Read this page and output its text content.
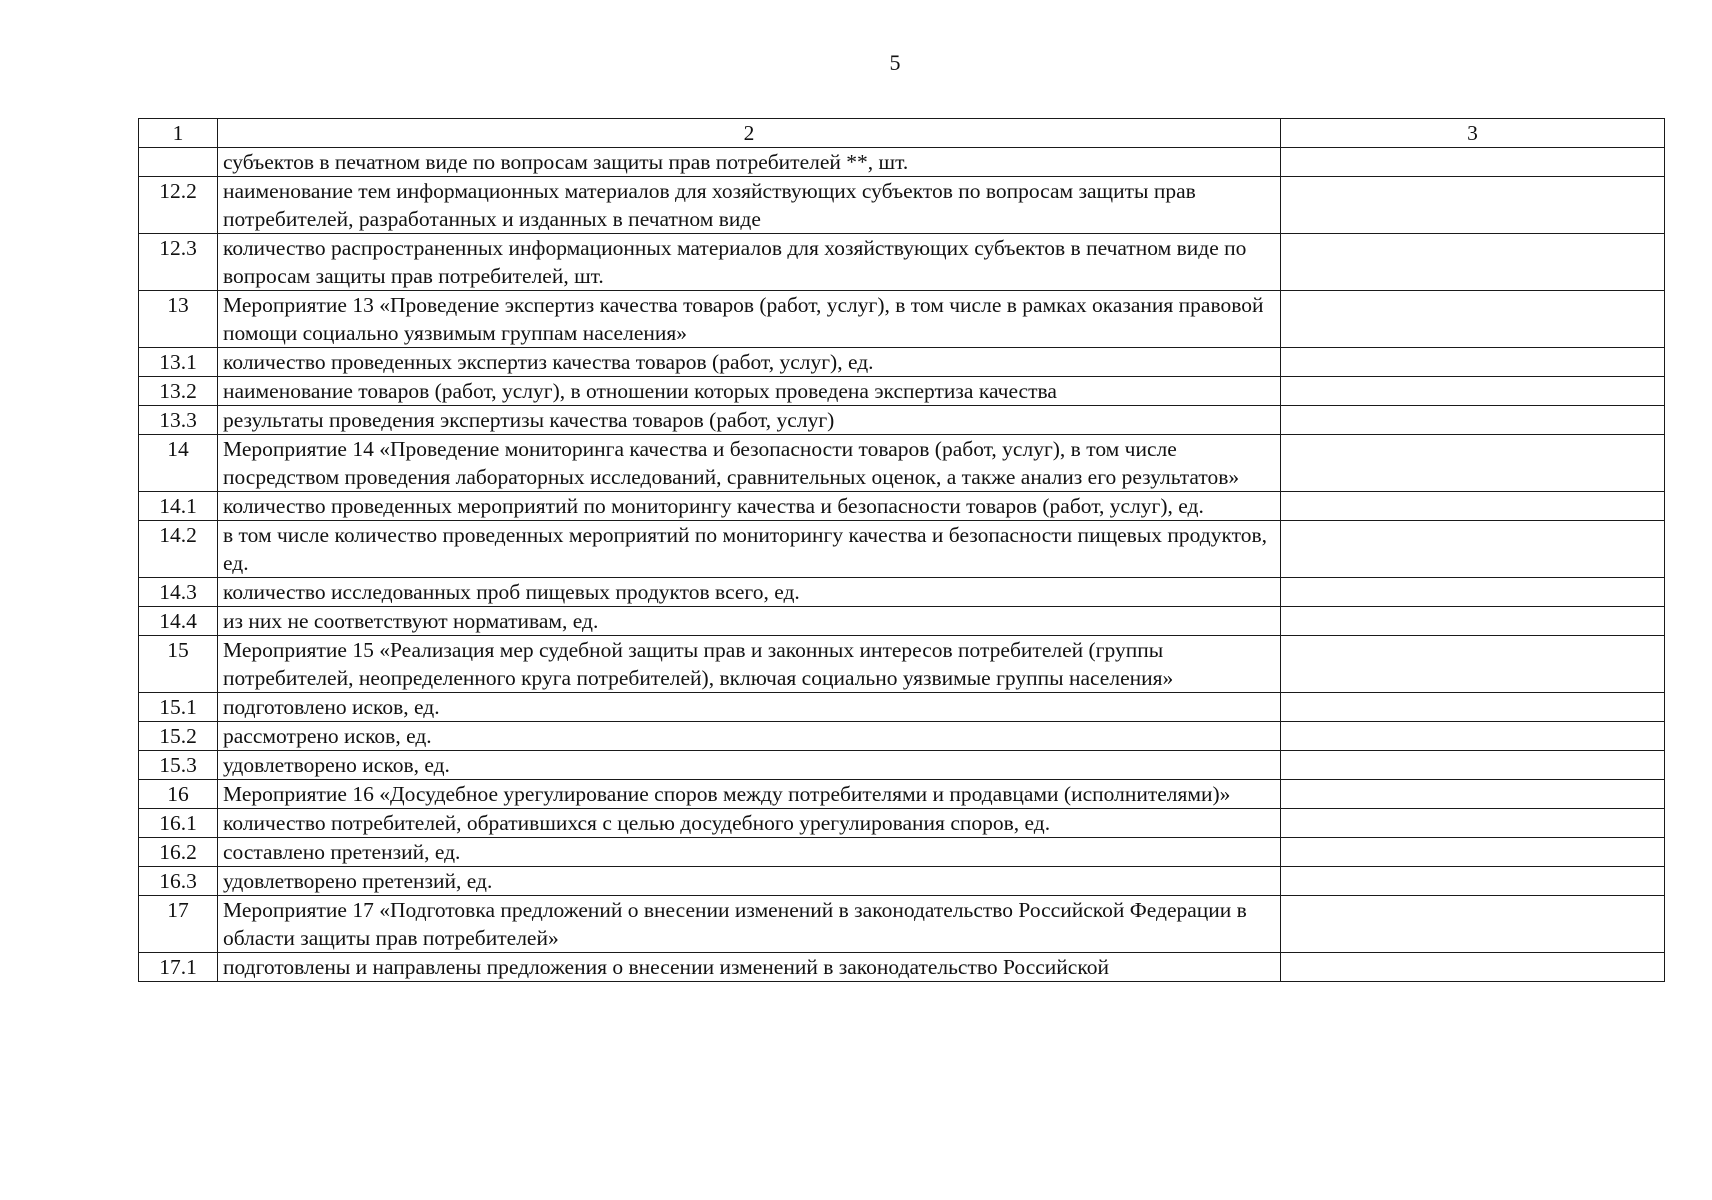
5
1	2	3
	субъектов в печатном виде по вопросам защиты прав потребителей **, шт.	
12.2	наименование тем информационных материалов для хозяйствующих субъектов по вопросам защиты прав потребителей, разработанных и изданных в печатном виде	
12.3	количество распространенных информационных материалов для хозяйствующих субъектов в печатном виде по вопросам защиты прав потребителей, шт.	
13	Мероприятие 13 «Проведение экспертиз качества товаров (работ, услуг), в том числе в рамках оказания правовой помощи социально уязвимым группам населения»	
13.1	количество проведенных экспертиз качества товаров (работ, услуг), ед.	
13.2	наименование товаров (работ, услуг), в отношении которых проведена экспертиза качества	
13.3	результаты проведения экспертизы качества товаров (работ, услуг)	
14	Мероприятие 14 «Проведение мониторинга качества и безопасности товаров (работ, услуг), в том числе посредством проведения лабораторных исследований, сравнительных оценок, а также анализ его результатов»	
14.1	количество проведенных мероприятий по мониторингу качества и безопасности товаров (работ, услуг), ед.	
14.2	в том числе количество проведенных мероприятий по мониторингу качества и безопасности пищевых продуктов, ед.	
14.3	количество исследованных проб пищевых продуктов всего, ед.	
14.4	из них не соответствуют нормативам, ед.	
15	Мероприятие 15 «Реализация мер судебной защиты прав и законных интересов потребителей (группы потребителей, неопределенного круга потребителей), включая социально уязвимые группы населения»	
15.1	подготовлено исков, ед.	
15.2	рассмотрено исков, ед.	
15.3	удовлетворено исков, ед.	
16	Мероприятие 16 «Досудебное урегулирование споров между потребителями и продавцами (исполнителями)»	
16.1	количество потребителей, обратившихся с целью досудебного урегулирования споров, ед.	
16.2	составлено претензий, ед.	
16.3	удовлетворено претензий, ед.	
17	Мероприятие 17 «Подготовка предложений о внесении изменений в законодательство Российской Федерации в области защиты прав потребителей»	
17.1	подготовлены и направлены предложения о внесении изменений в законодательство Российской	
